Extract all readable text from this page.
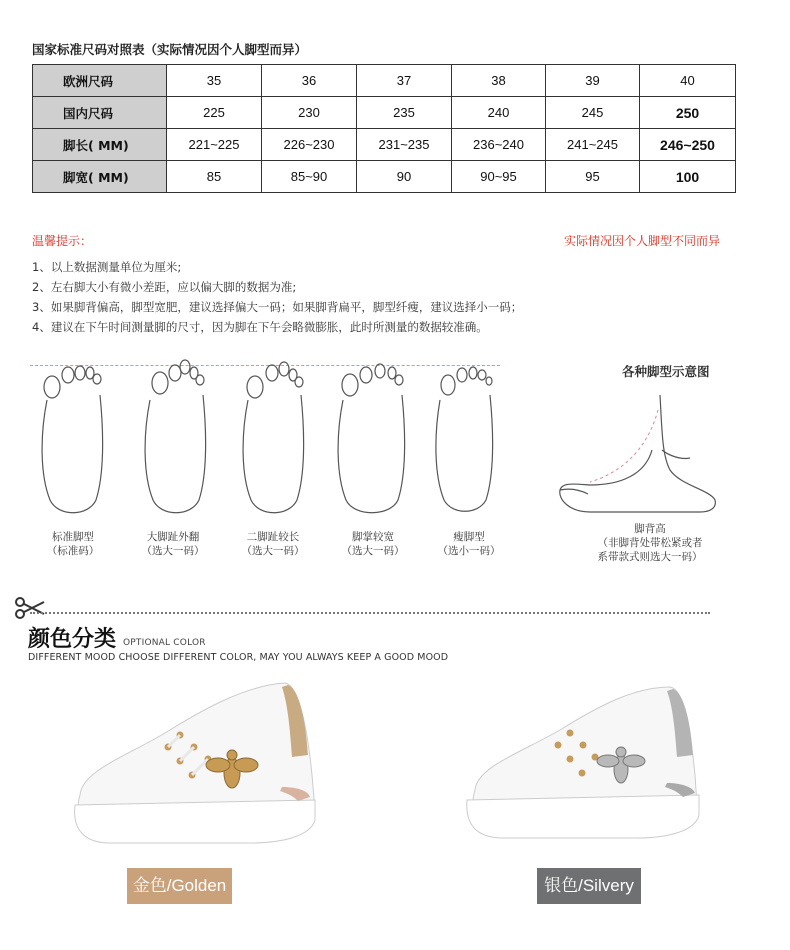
国家标准尺码对照表（实际情况因个人脚型而异）
欧洲尺码	35	36	37	38	39	40
国内尺码	225	230	235	240	245	250
脚长( MM)	221~225	226~230	231~235	236~240	241~245	246~250
脚宽( MM)	85	85~90	90	90~95	95	100
温馨提示：	实际情况因个人脚型不同而异
1、以上数据测量单位为厘米;
2、左右脚大小有微小差距，应以偏大脚的数据为准;
3、如果脚背偏高，脚型宽肥，建议选择偏大一码；如果脚背扁平，脚型纤瘦，建议选择小一码；
4、建议在下午时间测量脚的尺寸，因为脚在下午会略微膨胀，此时所测量的数据较准确。
标准脚型
（标准码）
大脚趾外翻
（选大一码）
二脚趾较长
（选大一码）
脚掌较宽
（选大一码）
瘦脚型
（选小一码）
各种脚型示意图
脚背高
（非脚背处带松紧或者
系带款式则选大一码）
颜色分类 OPTIONAL COLOR
DIFFERENT MOOD CHOOSE DIFFERENT COLOR, MAY YOU ALWAYS KEEP A GOOD MOOD
金色/Golden	银色/Silvery
